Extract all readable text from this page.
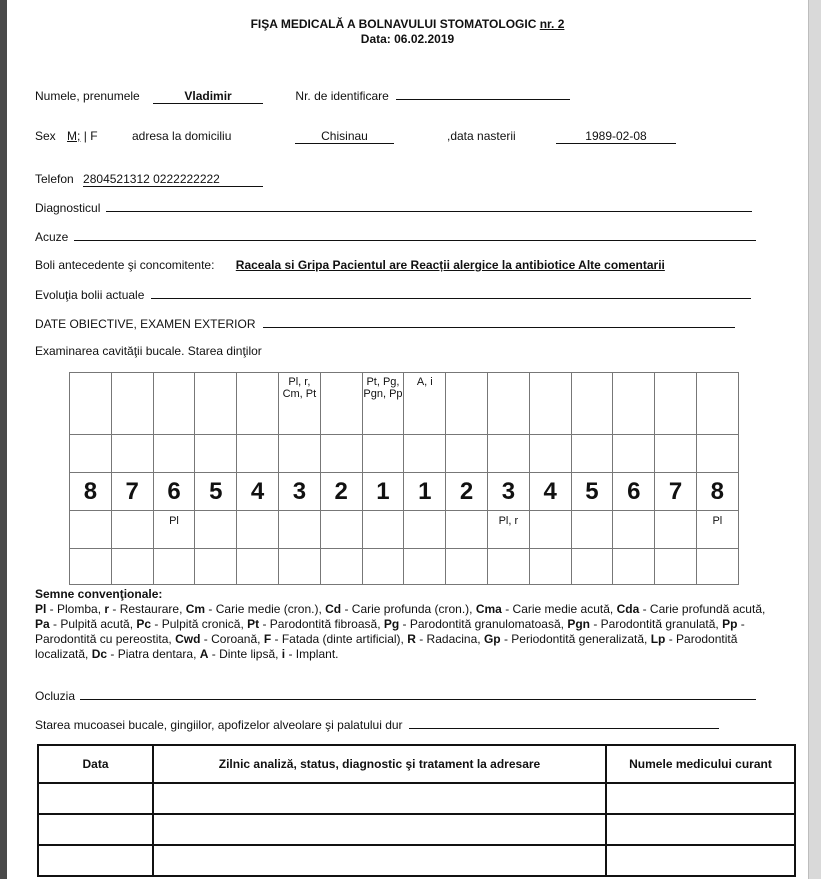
FIŞA MEDICALĂ A BOLNAVULUI STOMATOLOGIC nr. 2
Data: 06.02.2019
Numele, prenumele	Vladimir	Nr. de identificare
Sex M; | F	adresa la domiciliu	Chisinau	,data nasterii	1989-02-08
Telefon 2804521312 0222222222
Diagnosticul
Acuze
Boli antecedente şi concomitente: Raceala si Gripa Pacientul are Reacții alergice la antibiotice Alte comentarii
Evoluţia bolii actuale
DATE OBIECTIVE, EXAMEN EXTERIOR
Examinarea cavităţii bucale. Starea dinţilor
					Pl, r, Cm, Pt		Pt, Pg, Pgn, Pp	A, i							

8	7	6	5	4	3	2	1	1	2	3	4	5	6	7	8
		Pl								Pl, r					Pl

Semne convenţionale:
Pl - Plomba, r - Restaurare, Cm - Carie medie (cron.), Cd - Carie profunda (cron.), Cma - Carie medie acută, Cda - Carie profundă acută, Pa - Pulpită acută, Pc - Pulpită cronică, Pt - Parodontită fibroasă, Pg - Parodontită granulomatoasă, Pgn - Parodontită granulată, Pp - Parodontită cu pereostita, Cwd - Coroană, F - Fatada (dinte artificial), R - Radacina, Gp - Periodontită generalizată, Lp - Parodontită localizată, Dc - Piatra dentara, A - Dinte lipsă, i - Implant.
Ocluzia
Starea mucoasei bucale, gingiilor, apofizelor alveolare şi palatului dur
Data	Zilnic analiză, status, diagnostic şi tratament la adresare	Numele medicului curant
